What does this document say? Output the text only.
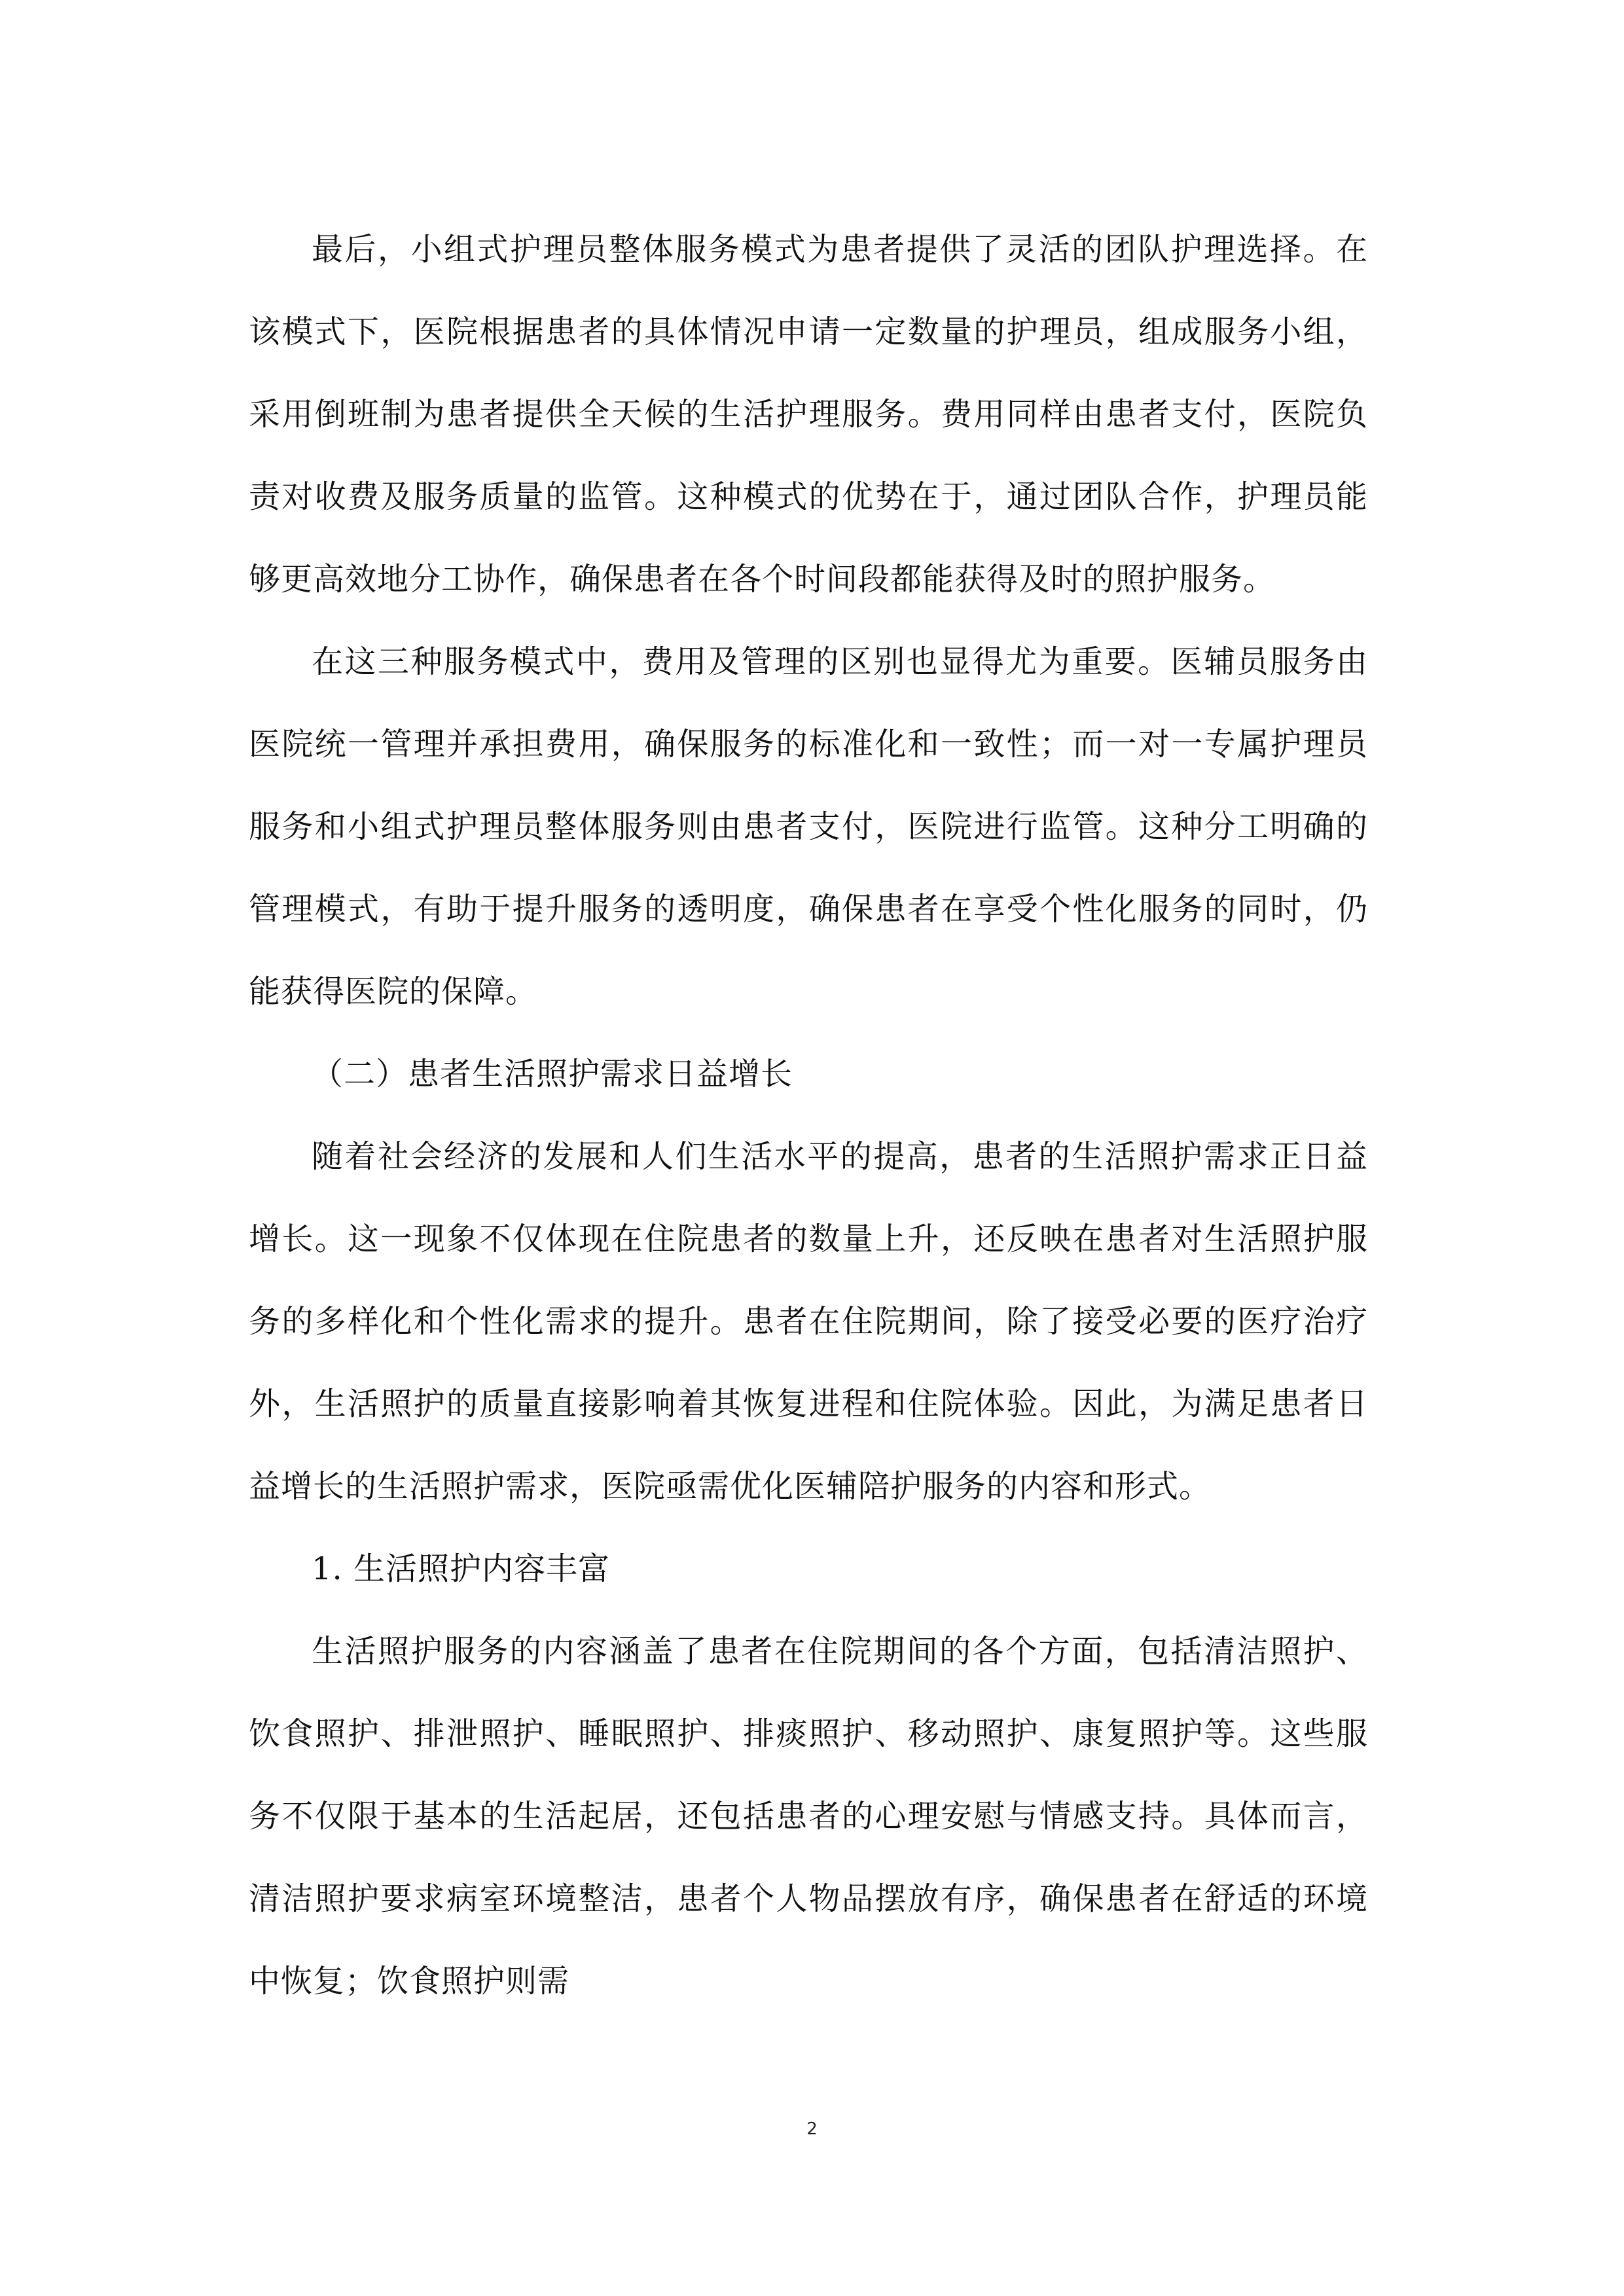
最后，小组式护理员整体服务模式为患者提供了灵活的团队护理选择。在该模式下，医院根据患者的具体情况申请一定数量的护理员，组成服务小组，采用倒班制为患者提供全天候的生活护理服务。费用同样由患者支付，医院负责对收费及服务质量的监管。这种模式的优势在于，通过团队合作，护理员能够更高效地分工协作，确保患者在各个时间段都能获得及时的照护服务。

在这三种服务模式中，费用及管理的区别也显得尤为重要。医辅员服务由医院统一管理并承担费用，确保服务的标准化和一致性；而一对一专属护理员服务和小组式护理员整体服务则由患者支付，医院进行监管。这种分工明确的管理模式，有助于提升服务的透明度，确保患者在享受个性化服务的同时，仍能获得医院的保障。

（二）患者生活照护需求日益增长

随着社会经济的发展和人们生活水平的提高，患者的生活照护需求正日益增长。这一现象不仅体现在住院患者的数量上升，还反映在患者对生活照护服务的多样化和个性化需求的提升。患者在住院期间，除了接受必要的医疗治疗外，生活照护的质量直接影响着其恢复进程和住院体验。因此，为满足患者日益增长的生活照护需求，医院亟需优化医辅陪护服务的内容和形式。

1. 生活照护内容丰富

生活照护服务的内容涵盖了患者在住院期间的各个方面，包括清洁照护、饮食照护、排泄照护、睡眠照护、排痰照护、移动照护、康复照护等。这些服务不仅限于基本的生活起居，还包括患者的心理安慰与情感支持。具体而言，清洁照护要求病室环境整洁，患者个人物品摆放有序，确保患者在舒适的环境中恢复；饮食照护则需

2
